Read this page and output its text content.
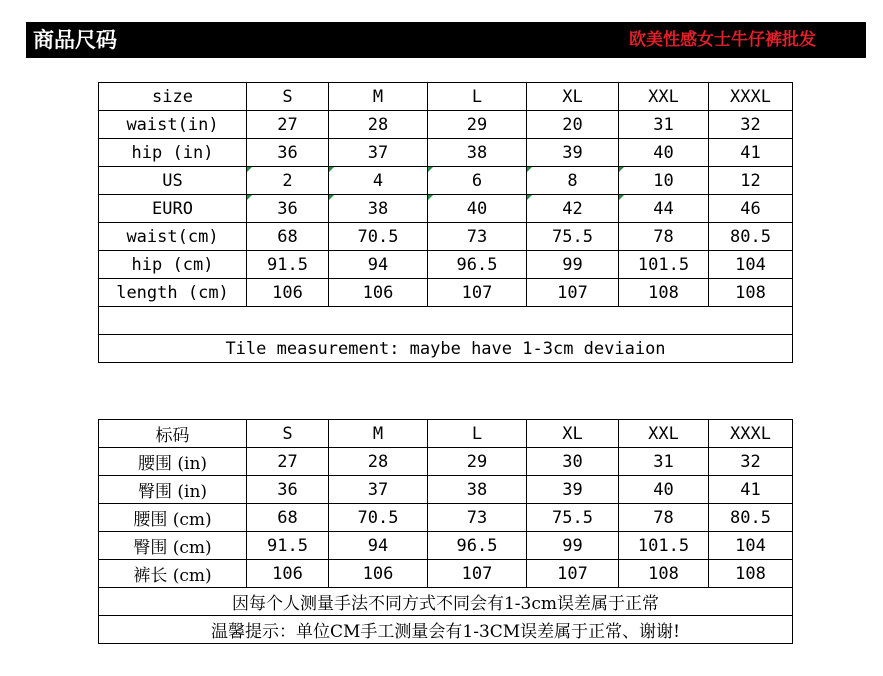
商品尺码	欧美性感女士牛仔裤批发
size	S	M	L	XL	XXL	XXXL
waist(in)	27	28	29	20	31	32
hip (in)	36	37	38	39	40	41
US	2	4	6	8	10	12
EURO	36	38	40	42	44	46
waist(cm)	68	70.5	73	75.5	78	80.5
hip (cm)	91.5	94	96.5	99	101.5	104
length (cm)	106	106	107	107	108	108

Tile measurement: maybe have 1-3cm deviaion						
标码	S	M	L	XL	XXL	XXXL
腰围 (in)	27	28	29	30	31	32
臀围 (in)	36	37	38	39	40	41
腰围 (cm)	68	70.5	73	75.5	78	80.5
臀围 (cm)	91.5	94	96.5	99	101.5	104
裤长 (cm)	106	106	107	107	108	108
因每个人测量手法不同方式不同会有1-3cm误差属于正常						
温馨提示：单位CM手工测量会有1-3CM误差属于正常、谢谢!						
